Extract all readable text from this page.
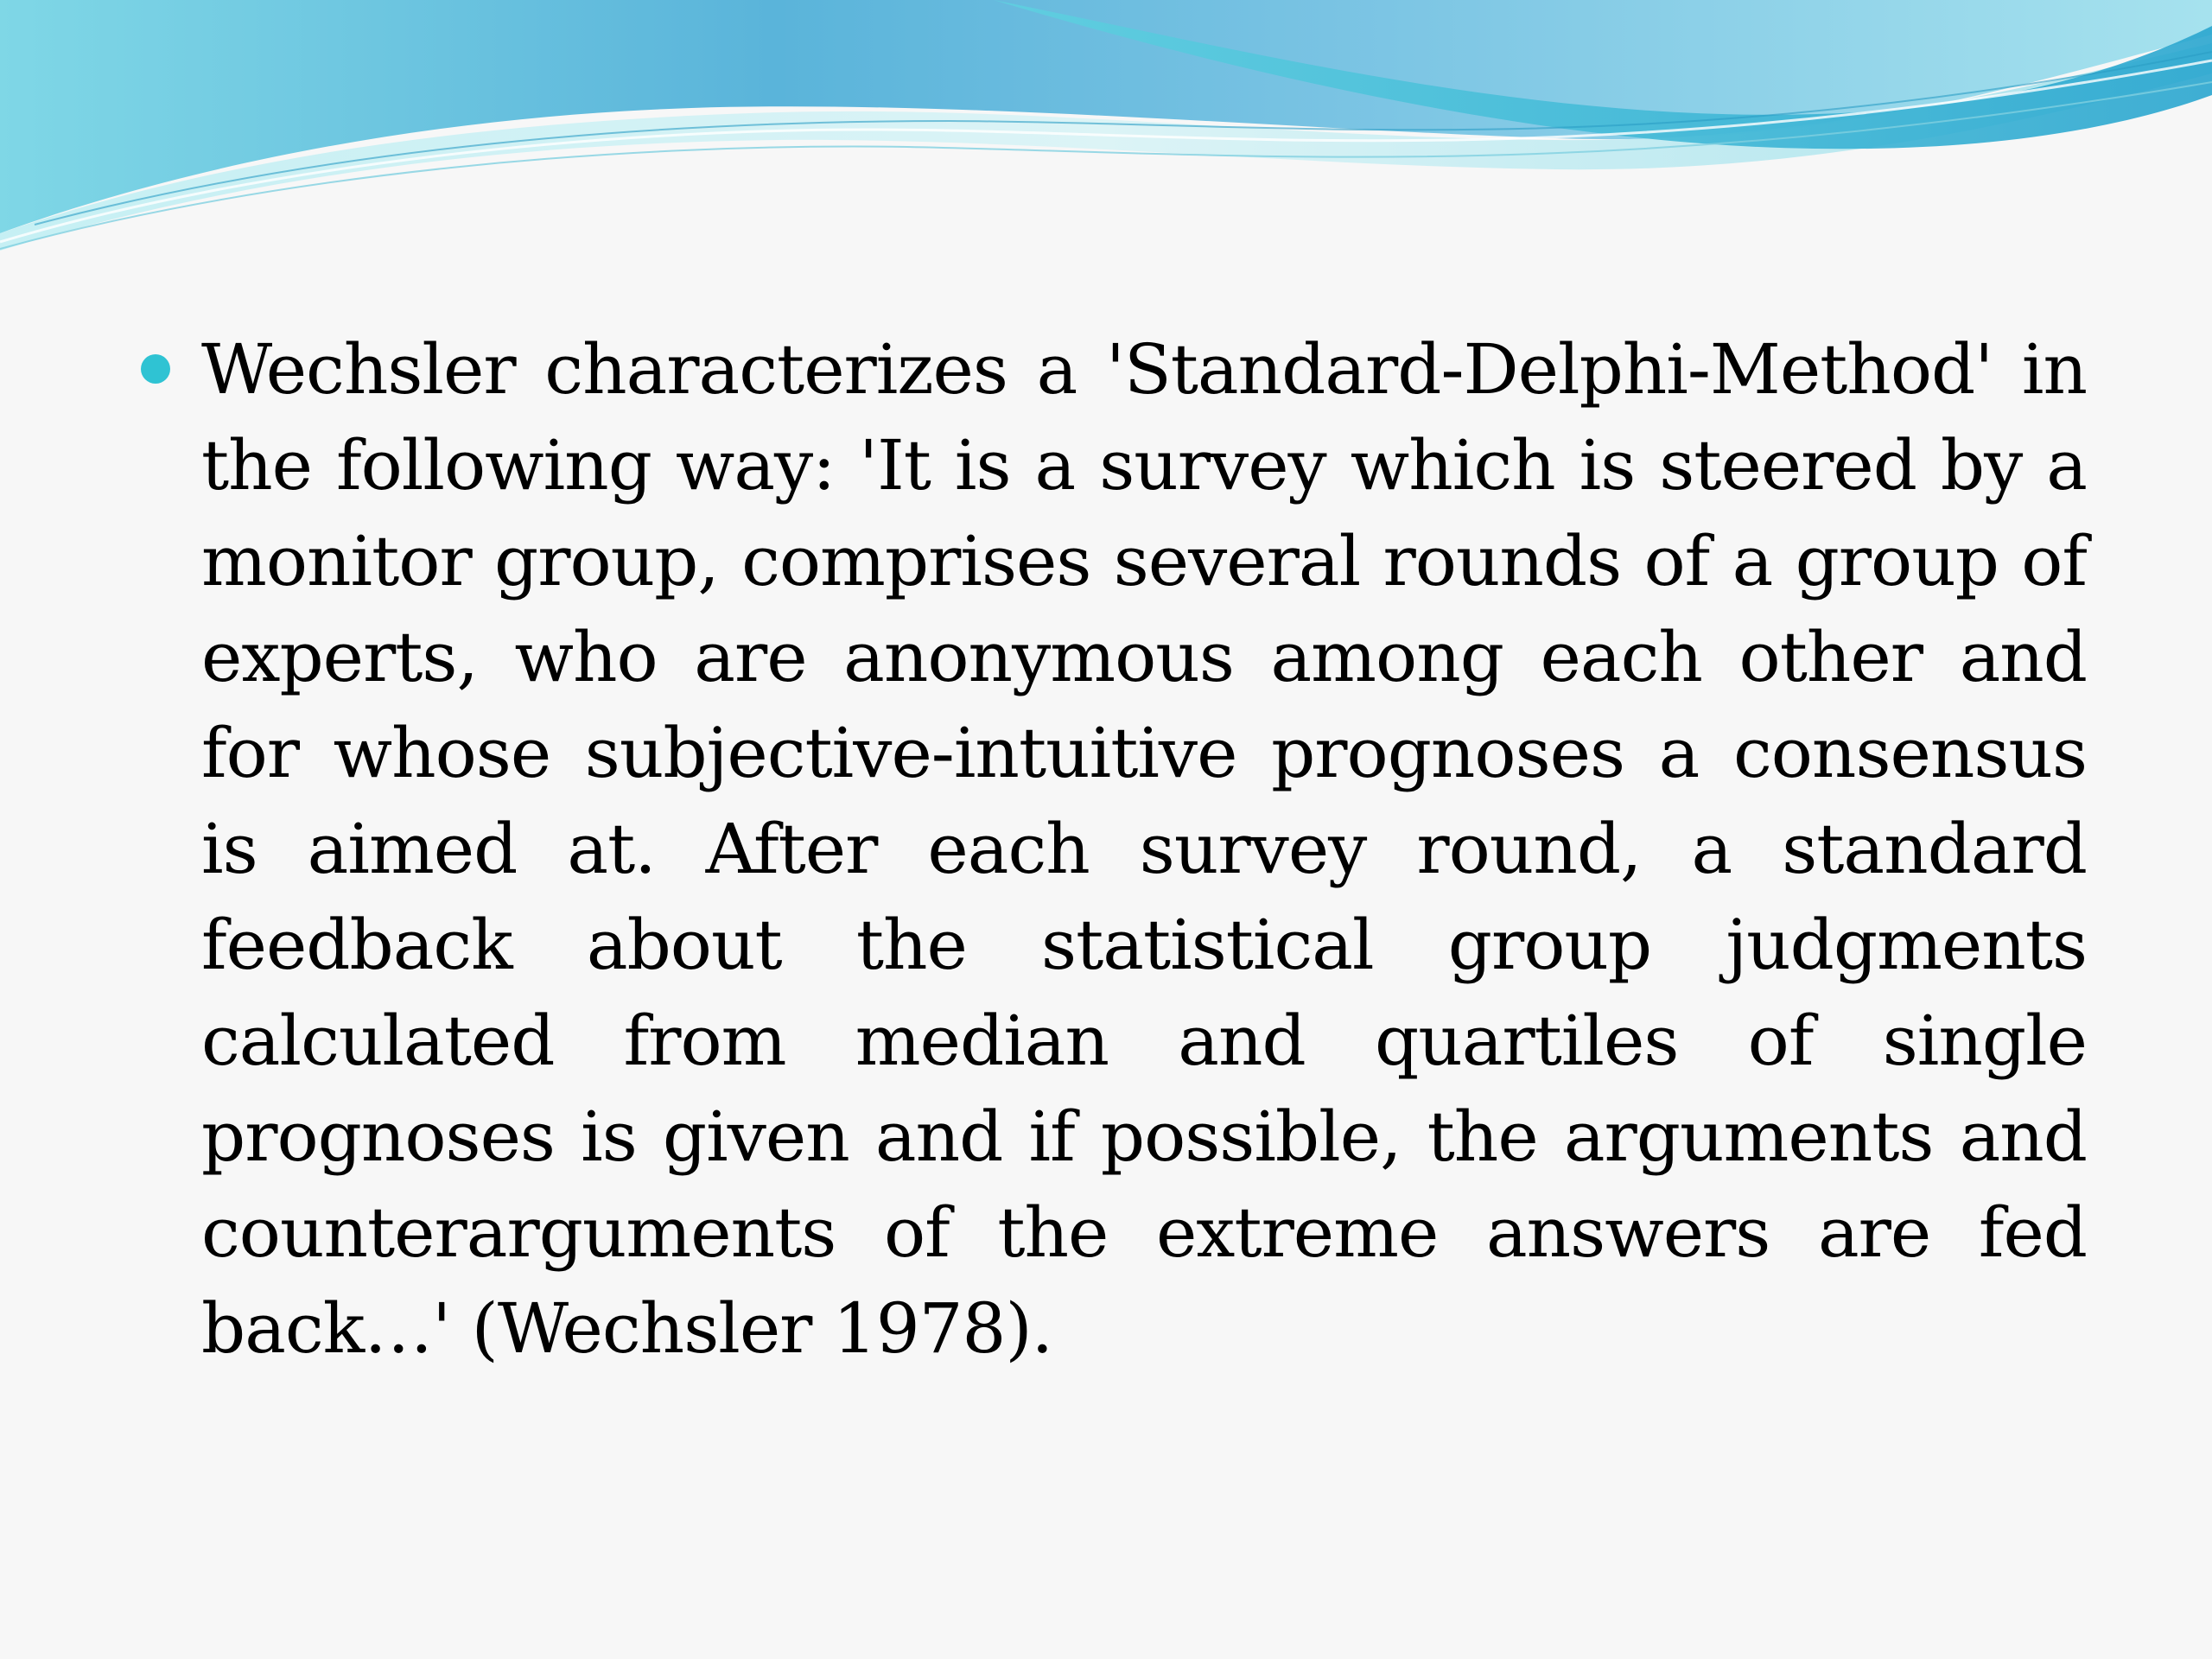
Wechsler characterizes a 'Standard-Delphi-Method' in the following way: 'It is a survey which is steered by a monitor group, comprises several rounds of a group of experts, who are anonymous among each other and for whose subjective-intuitive prognoses a consensus is aimed at. After each survey round, a standard feedback about the statistical group judgments calculated from median and quartiles of single prognoses is given and if possible, the arguments and counterarguments of the extreme answers are fed back…' (Wechsler 1978).
